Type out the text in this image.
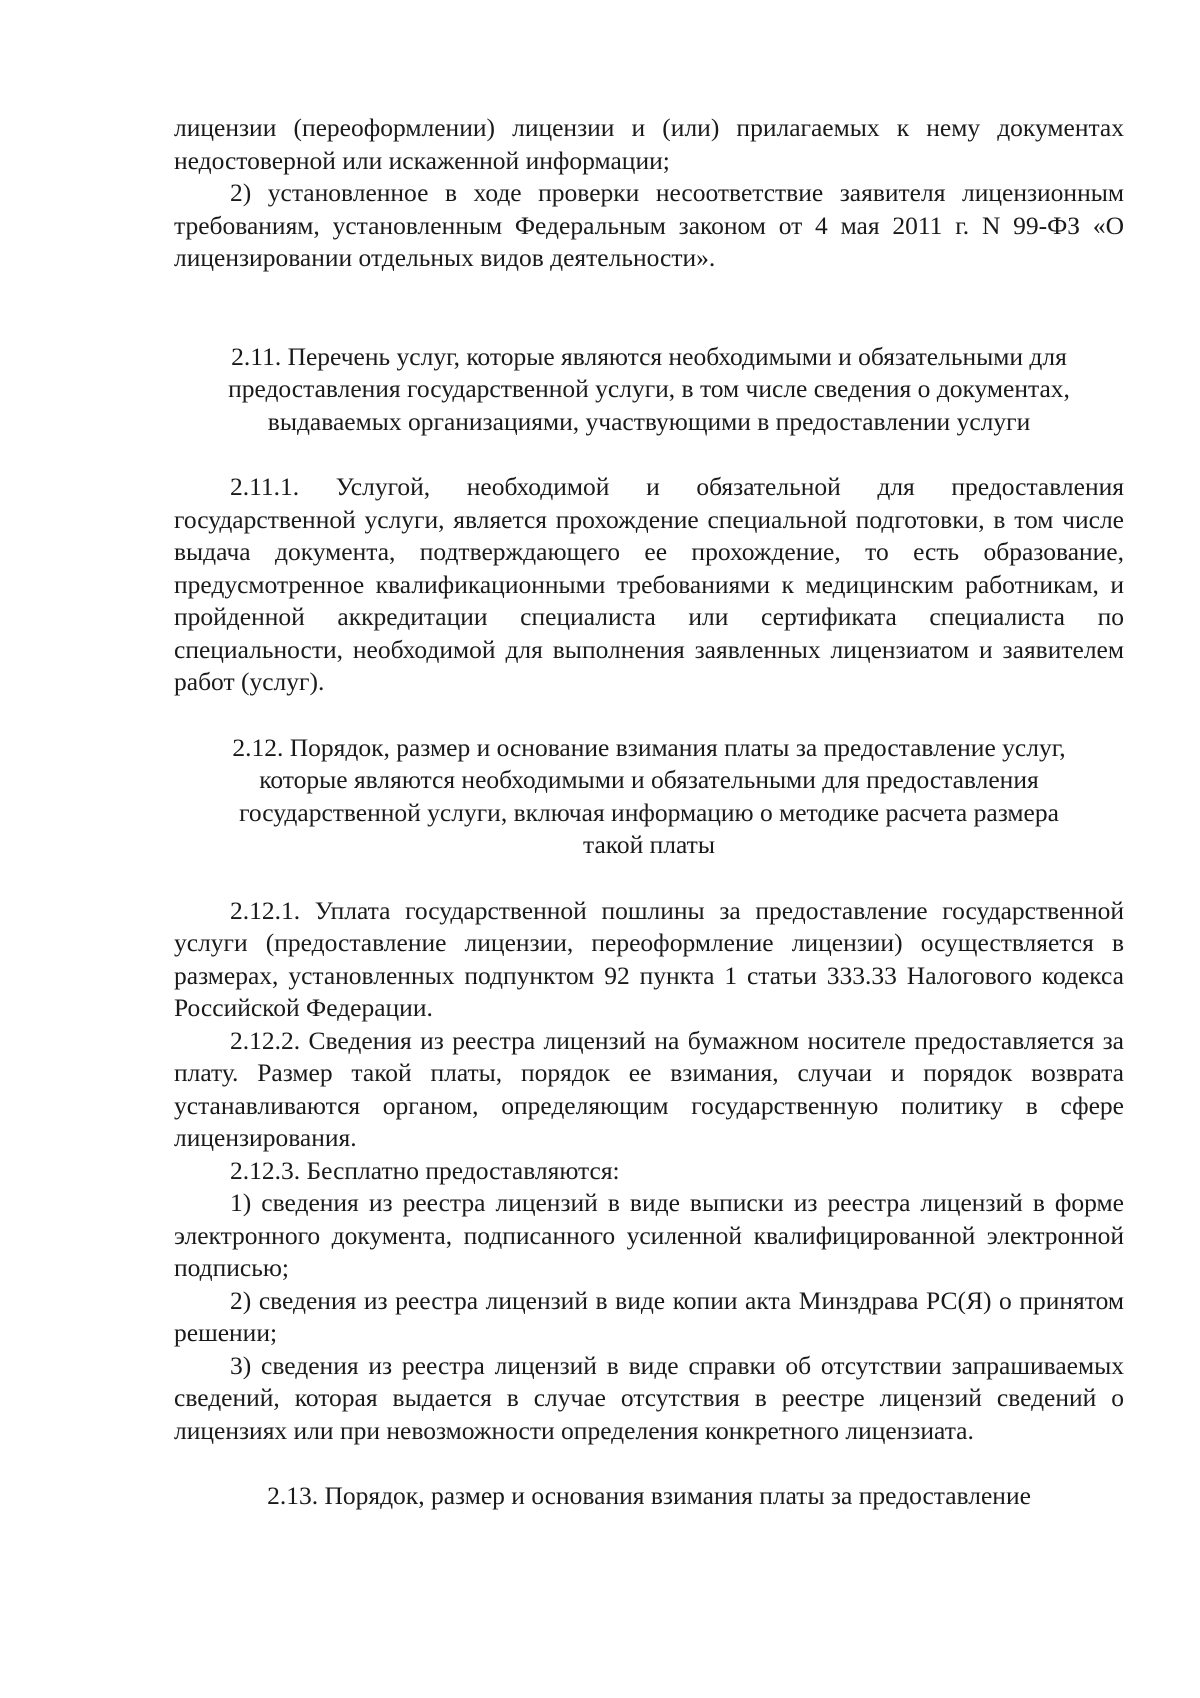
лицензии (переоформлении) лицензии и (или) прилагаемых к нему документах недостоверной или искаженной информации;

2) установленное в ходе проверки несоответствие заявителя лицензионным требованиям, установленным Федеральным законом от 4 мая 2011 г. N 99-ФЗ «О лицензировании отдельных видов деятельности».

2.11. Перечень услуг, которые являются необходимыми и обязательными для предоставления государственной услуги, в том числе сведения о документах, выдаваемых организациями, участвующими в предоставлении услуги

2.11.1. Услугой, необходимой и обязательной для предоставления государственной услуги, является прохождение специальной подготовки, в том числе выдача документа, подтверждающего ее прохождение, то есть образование, предусмотренное квалификационными требованиями к медицинским работникам, и пройденной аккредитации специалиста или сертификата специалиста по специальности, необходимой для выполнения заявленных лицензиатом и заявителем работ (услуг).

2.12. Порядок, размер и основание взимания платы за предоставление услуг, которые являются необходимыми и обязательными для предоставления государственной услуги, включая информацию о методике расчета размера такой платы

2.12.1. Уплата государственной пошлины за предоставление государственной услуги (предоставление лицензии, переоформление лицензии) осуществляется в размерах, установленных подпунктом 92 пункта 1 статьи 333.33 Налогового кодекса Российской Федерации.

2.12.2. Сведения из реестра лицензий на бумажном носителе предоставляется за плату. Размер такой платы, порядок ее взимания, случаи и порядок возврата устанавливаются органом, определяющим государственную политику в сфере лицензирования.

2.12.3. Бесплатно предоставляются:

1) сведения из реестра лицензий в виде выписки из реестра лицензий в форме электронного документа, подписанного усиленной квалифицированной электронной подписью;

2) сведения из реестра лицензий в виде копии акта Минздрава РС(Я) о принятом решении;

3) сведения из реестра лицензий в виде справки об отсутствии запрашиваемых сведений, которая выдается в случае отсутствия в реестре лицензий сведений о лицензиях или при невозможности определения конкретного лицензиата.

2.13. Порядок, размер и основания взимания платы за предоставление
